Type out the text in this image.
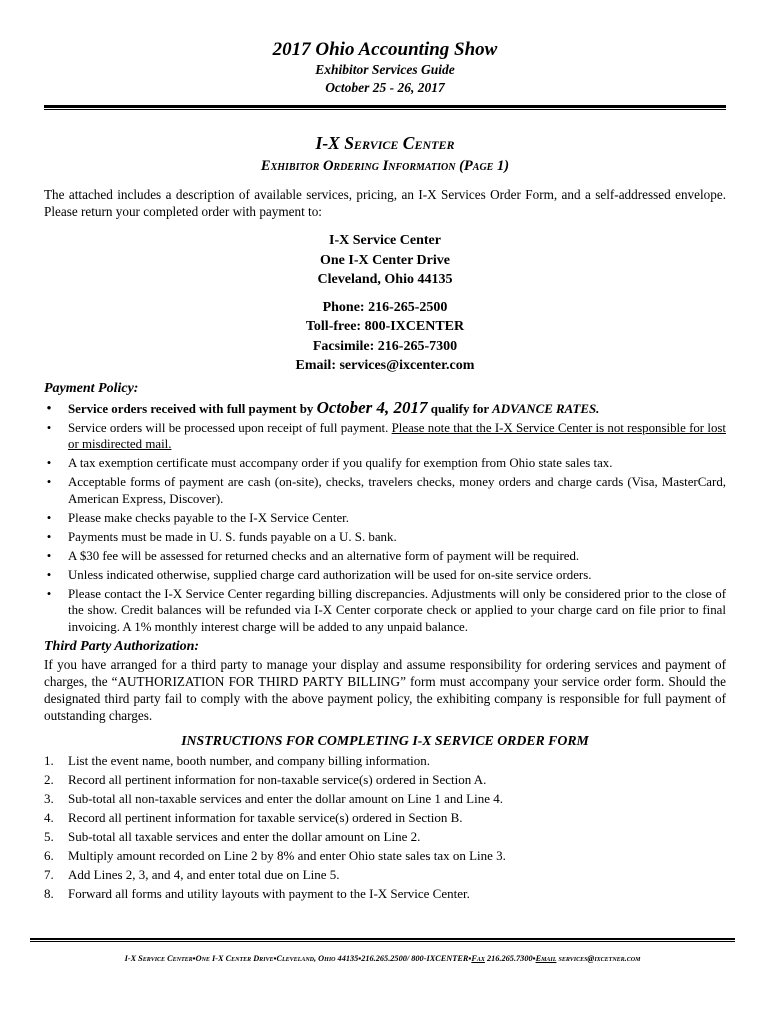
2017 Ohio Accounting Show
Exhibitor Services Guide
October 25 - 26, 2017
I-X Service Center
Exhibitor Ordering Information (Page 1)

The attached includes a description of available services, pricing, an I-X Services Order Form, and a self-addressed envelope. Please return your completed order with payment to:

I-X Service Center
One I-X Center Drive
Cleveland, Ohio 44135
Phone: 216-265-2500
Toll-free: 800-IXCENTER
Facsimile: 216-265-7300
Email: services@ixcenter.com
Payment Policy:
• Service orders received with full payment by October 4, 2017 qualify for ADVANCE RATES.
• Service orders will be processed upon receipt of full payment. Please note that the I-X Service Center is not responsible for lost or misdirected mail.
• A tax exemption certificate must accompany order if you qualify for exemption from Ohio state sales tax.
• Acceptable forms of payment are cash (on-site), checks, travelers checks, money orders and charge cards (Visa, MasterCard, American Express, Discover).
• Please make checks payable to the I-X Service Center.
• Payments must be made in U. S. funds payable on a U. S. bank.
• A $30 fee will be assessed for returned checks and an alternative form of payment will be required.
• Unless indicated otherwise, supplied charge card authorization will be used for on-site service orders.
• Please contact the I-X Service Center regarding billing discrepancies. Adjustments will only be considered prior to the close of the show. Credit balances will be refunded via I-X Center corporate check or applied to your charge card on file prior to final invoicing. A 1% monthly interest charge will be added to any unpaid balance.
Third Party Authorization:

If you have arranged for a third party to manage your display and assume responsibility for ordering services and payment of charges, the “AUTHORIZATION FOR THIRD PARTY BILLING” form must accompany your service order form. Should the designated third party fail to comply with the above payment policy, the exhibiting company is responsible for full payment of outstanding charges.

INSTRUCTIONS FOR COMPLETING I-X SERVICE ORDER FORM
1.	List the event name, booth number, and company billing information.
2.	Record all pertinent information for non-taxable service(s) ordered in Section A.
3.	Sub-total all non-taxable services and enter the dollar amount on Line 1 and Line 4.
4.	Record all pertinent information for taxable service(s) ordered in Section B.
5.	Sub-total all taxable services and enter the dollar amount on Line 2.
6.	Multiply amount recorded on Line 2 by 8% and enter Ohio state sales tax on Line 3.
7.	Add Lines 2, 3, and 4, and enter total due on Line 5.
8.	Forward all forms and utility layouts with payment to the I-X Service Center.
I-X Service Center▪One I-X Center Drive▪Cleveland, Ohio 44135▪216.265.2500/ 800-IXCENTER▪Fax 216.265.7300▪Email services@ixcetner.com
